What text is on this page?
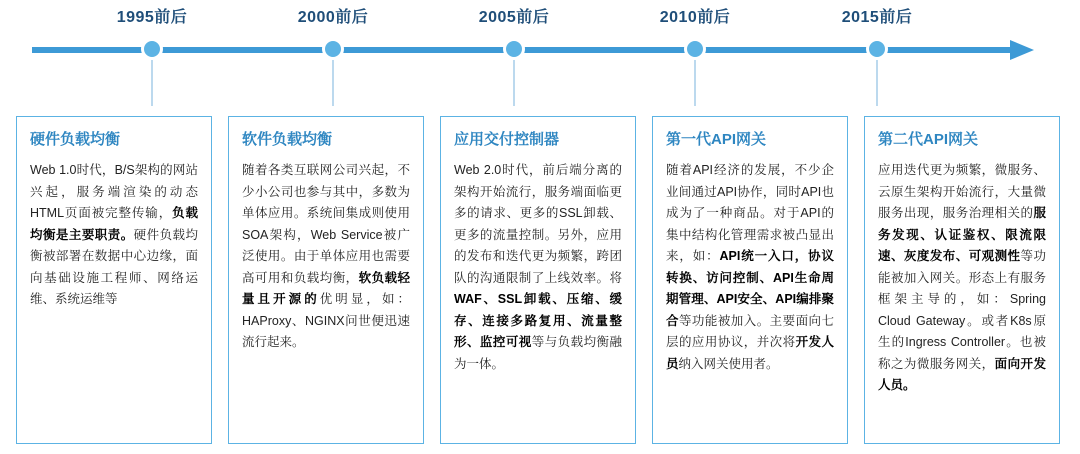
1995前后	2000前后	2005前后	2010前后	2015前后
硬件负载均衡
Web 1.0时代，B/S架构的网站兴起，服务端渲染的动态HTML页面被完整传输，负载均衡是主要职责。硬件负载均衡被部署在数据中心边缘，面向基础设施工程师、网络运维、系统运维等
软件负载均衡
随着各类互联网公司兴起，不少小公司也参与其中，多数为单体应用。系统间集成则使用SOA架构，Web Service被广泛使用。由于单体应用也需要高可用和负载均衡，软负载轻量且开源的优明显，如：HAProxy、NGINX问世便迅速流行起来。
应用交付控制器
Web 2.0时代，前后端分离的架构开始流行，服务端面临更多的请求、更多的SSL卸载、更多的流量控制。另外，应用的发布和迭代更为频繁，跨团队的沟通限制了上线效率。将WAF、SSL卸载、压缩、缓存、连接多路复用、流量整形、监控可视等与负载均衡融为一体。
第一代API网关
随着API经济的发展，不少企业间通过API协作，同时API也成为了一种商品。对于API的集中结构化管理需求被凸显出来，如：API统一入口，协议转换、访问控制、API生命周期管理、API安全、API编排聚合等功能被加入。主要面向七层的应用协议，并次将开发人员纳入网关使用者。
第二代API网关
应用迭代更为频繁，微服务、云原生架构开始流行，大量微服务出现，服务治理相关的服务发现、认证鉴权、限流限速、灰度发布、可观测性等功能被加入网关。形态上有服务框架主导的，如：Spring Cloud Gateway。或者K8s原生的Ingress Controller。也被称之为微服务网关，面向开发人员。
